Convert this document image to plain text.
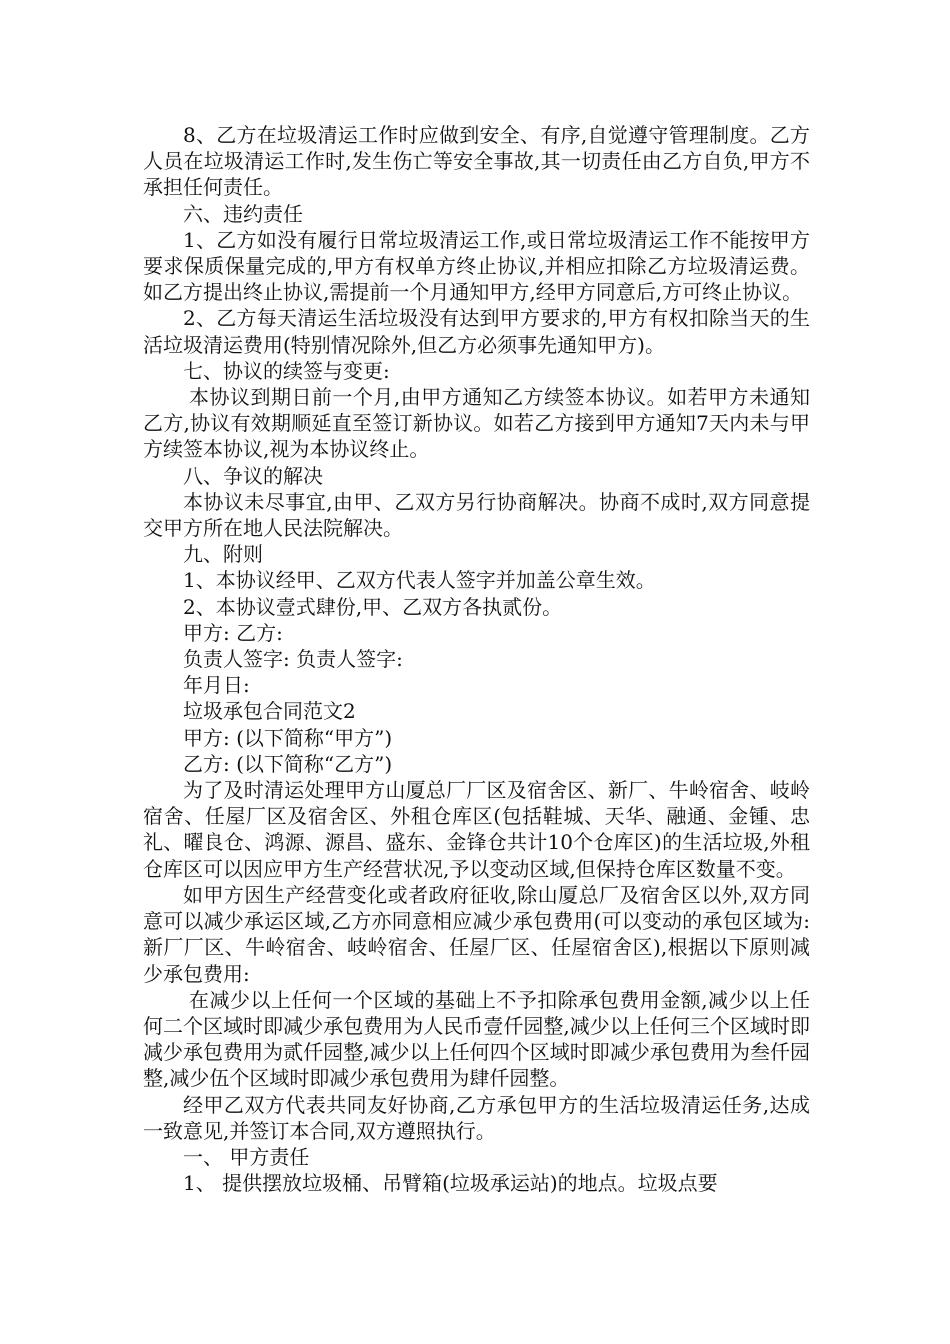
8、乙方在垃圾清运工作时应做到安全、有序,自觉遵守管理制度。乙方人员在垃圾清运工作时,发生伤亡等安全事故,其一切责任由乙方自负,甲方不承担任何责任。

六、违约责任

1、乙方如没有履行日常垃圾清运工作,或日常垃圾清运工作不能按甲方要求保质保量完成的,甲方有权单方终止协议,并相应扣除乙方垃圾清运费。如乙方提出终止协议,需提前一个月通知甲方,经甲方同意后,方可终止协议。

2、乙方每天清运生活垃圾没有达到甲方要求的,甲方有权扣除当天的生活垃圾清运费用(特别情况除外,但乙方必须事先通知甲方)。

七、协议的续签与变更:

本协议到期日前一个月,由甲方通知乙方续签本协议。如若甲方未通知乙方,协议有效期顺延直至签订新协议。如若乙方接到甲方通知7天内未与甲方续签本协议,视为本协议终止。

八、争议的解决

本协议未尽事宜,由甲、乙双方另行协商解决。协商不成时,双方同意提交甲方所在地人民法院解决。

九、附则

1、本协议经甲、乙双方代表人签字并加盖公章生效。

2、本协议壹式肆份,甲、乙双方各执贰份。

甲方: 乙方:

负责人签字: 负责人签字:

年月日:

垃圾承包合同范文2

甲方: (以下简称“甲方”)

乙方: (以下简称“乙方”)

为了及时清运处理甲方山厦总厂厂区及宿舍区、新厂、牛岭宿舍、岐岭宿舍、任屋厂区及宿舍区、外租仓库区(包括鞋城、天华、融通、金锺、忠礼、曜良仓、鸿源、源昌、盛东、金锋仓共计10个仓库区)的生活垃圾,外租仓库区可以因应甲方生产经营状况,予以变动区域,但保持仓库区数量不变。

如甲方因生产经营变化或者政府征收,除山厦总厂及宿舍区以外,双方同意可以减少承运区域,乙方亦同意相应减少承包费用(可以变动的承包区域为:新厂厂区、牛岭宿舍、岐岭宿舍、任屋厂区、任屋宿舍区),根据以下原则减少承包费用:

在减少以上任何一个区域的基础上不予扣除承包费用金额,减少以上任何二个区域时即减少承包费用为人民币壹仟园整,减少以上任何三个区域时即减少承包费用为贰仟园整,减少以上任何四个区域时即减少承包费用为叁仟园整,减少伍个区域时即减少承包费用为肆仟园整。

经甲乙双方代表共同友好协商,乙方承包甲方的生活垃圾清运任务,达成一致意见,并签订本合同,双方遵照执行。

一、 甲方责任

1、 提供摆放垃圾桶、吊臂箱(垃圾承运站)的地点。垃圾点要
